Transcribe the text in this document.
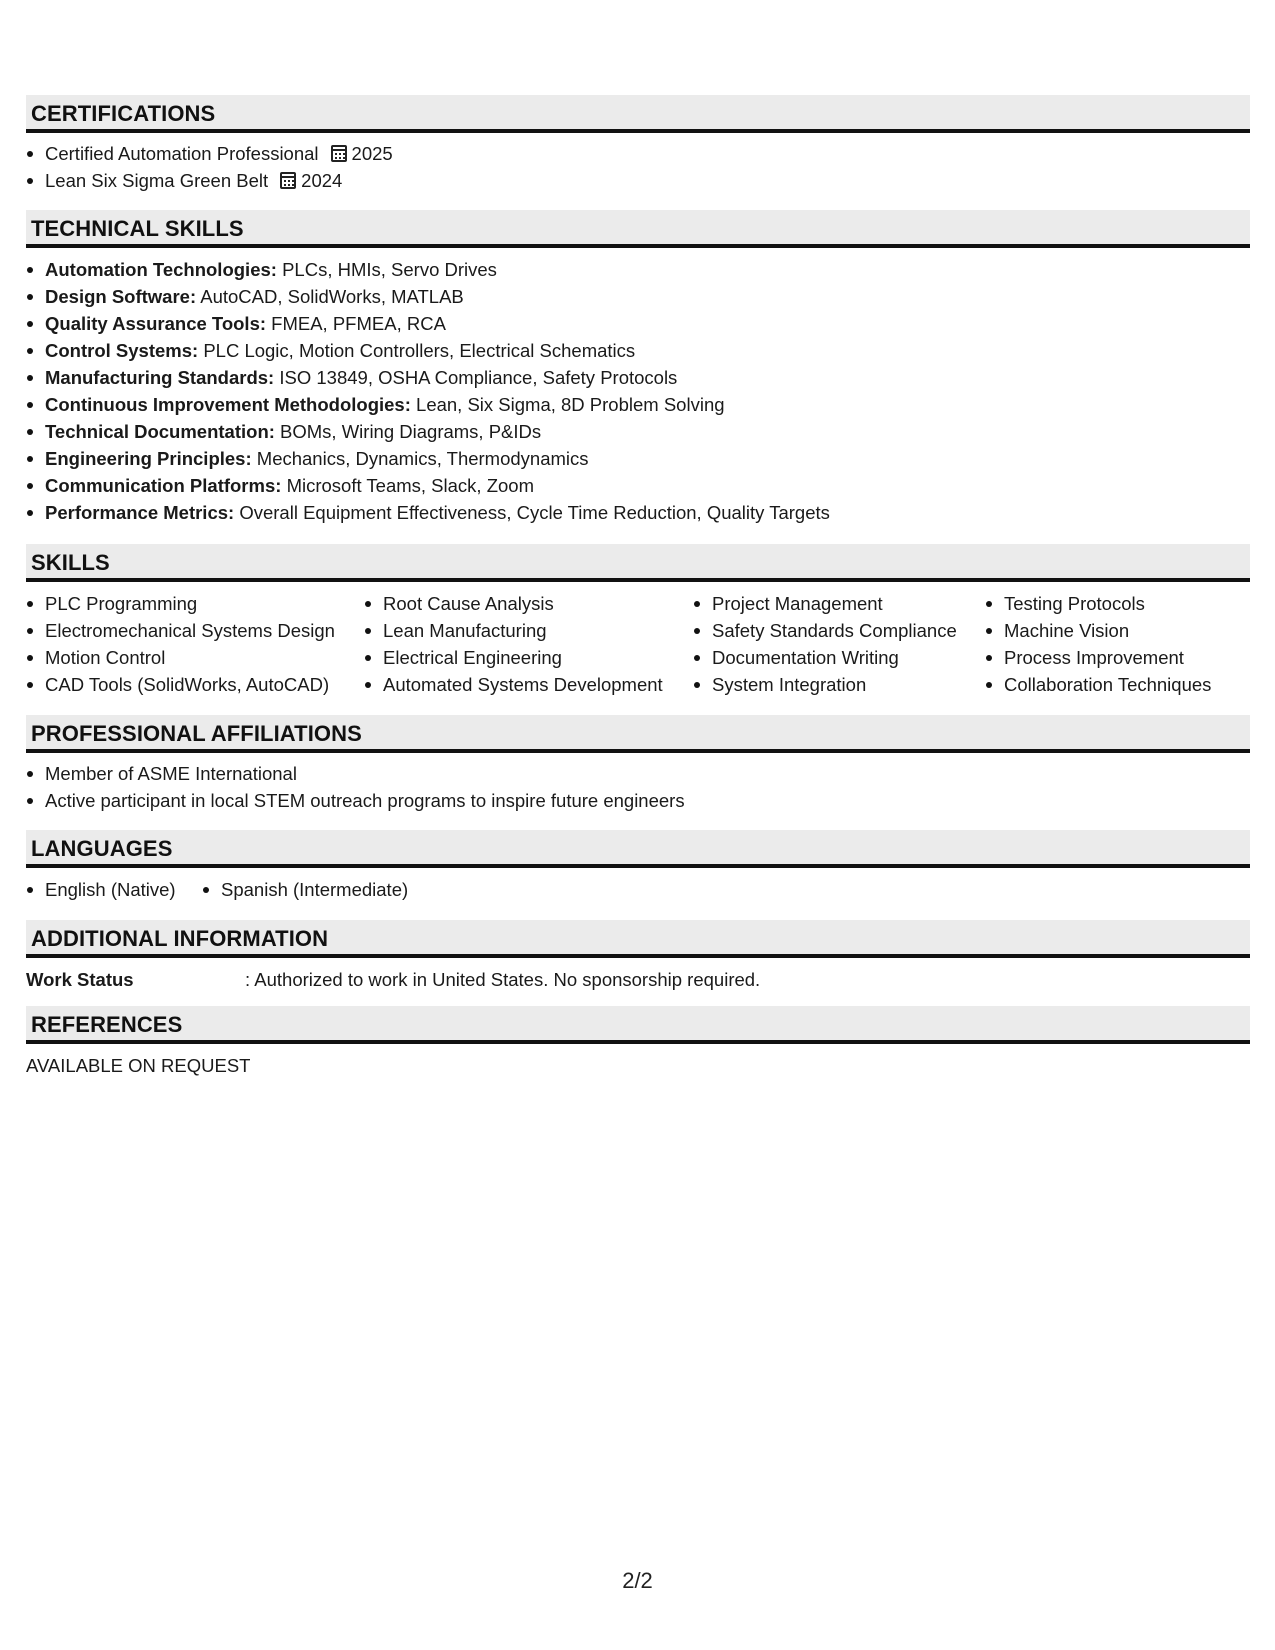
CERTIFICATIONS
Certified Automation Professional 2025
Lean Six Sigma Green Belt 2024
TECHNICAL SKILLS
Automation Technologies: PLCs, HMIs, Servo Drives
Design Software: AutoCAD, SolidWorks, MATLAB
Quality Assurance Tools: FMEA, PFMEA, RCA
Control Systems: PLC Logic, Motion Controllers, Electrical Schematics
Manufacturing Standards: ISO 13849, OSHA Compliance, Safety Protocols
Continuous Improvement Methodologies: Lean, Six Sigma, 8D Problem Solving
Technical Documentation: BOMs, Wiring Diagrams, P&IDs
Engineering Principles: Mechanics, Dynamics, Thermodynamics
Communication Platforms: Microsoft Teams, Slack, Zoom
Performance Metrics: Overall Equipment Effectiveness, Cycle Time Reduction, Quality Targets
SKILLS
PLC Programming
Electromechanical Systems Design
Motion Control
CAD Tools (SolidWorks, AutoCAD)
Root Cause Analysis
Lean Manufacturing
Electrical Engineering
Automated Systems Development
Project Management
Safety Standards Compliance
Documentation Writing
System Integration
Testing Protocols
Machine Vision
Process Improvement
Collaboration Techniques
PROFESSIONAL AFFILIATIONS
Member of ASME International
Active participant in local STEM outreach programs to inspire future engineers
LANGUAGES
English (Native)	Spanish (Intermediate)
ADDITIONAL INFORMATION
Work Status	: Authorized to work in United States. No sponsorship required.
REFERENCES
AVAILABLE ON REQUEST
2/2
